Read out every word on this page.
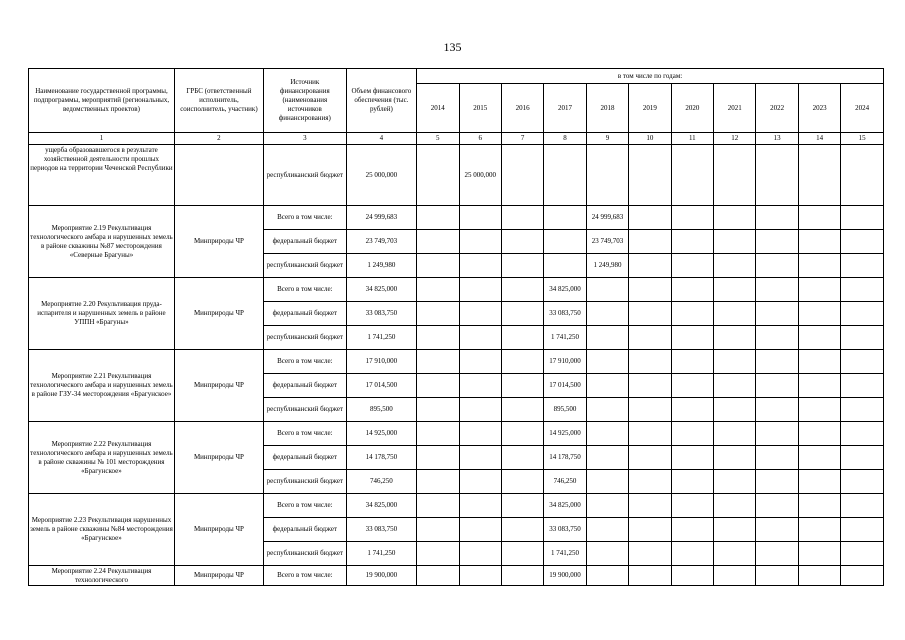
135
Наименование государственной программы, подпрограммы, мероприятий (региональных, ведомственных проектов)	ГРБС (ответственный исполнитель, соисполнитель, участник)	Источник финансирования (наименования источников финансирования)	Объем финансового обеспечения (тыс. рублей)	в том числе по годам:										
				2014	2015	2016	2017	2018	2019	2020	2021	2022	2023	2024
1	2	3	4	5	6	7	8	9	10	11	12	13	14	15
ущерба образовавшегося в результате хозяйственной деятельности прошлых периодов на территории Чеченской Республики		республиканский бюджет	25 000,000		25 000,000									
Мероприятие 2.19 Рекультивация технологического амбара и нарушенных земель в районе скважины №87 месторождения «Северные Брагуны»	Минприроды ЧР	Всего в том числе:	24 999,683					24 999,683						
		федеральный бюджет	23 749,703					23 749,703						
		республиканский бюджет	1 249,980					1 249,980						
Мероприятие 2.20 Рекультивация пруда-испарителя и нарушенных земель в районе УППН «Брагуны»	Минприроды ЧР	Всего в том числе:	34 825,000				34 825,000							
		федеральный бюджет	33 083,750				33 083,750							
		республиканский бюджет	1 741,250				1 741,250							
Мероприятие 2.21 Рекультивация технологического амбара и нарушенных земель в районе ГЗУ-34 месторождения «Брагунское»	Минприроды ЧР	Всего в том числе:	17 910,000				17 910,000							
		федеральный бюджет	17 014,500				17 014,500							
		республиканский бюджет	895,500				895,500							
Мероприятие 2.22 Рекультивация технологического амбара и нарушенных земель в районе скважины № 101 месторождения «Брагунское»	Минприроды ЧР	Всего в том числе:	14 925,000				14 925,000							
		федеральный бюджет	14 178,750				14 178,750							
		республиканский бюджет	746,250				746,250							
Мероприятие 2.23 Рекультивация нарушенных земель в районе скважины №84 месторождения «Брагунское»	Минприроды ЧР	Всего в том числе:	34 825,000				34 825,000							
		федеральный бюджет	33 083,750				33 083,750							
		республиканский бюджет	1 741,250				1 741,250							
Мероприятие 2.24 Рекультивация технологического	Минприроды ЧР	Всего в том числе:	19 900,000				19 900,000							
